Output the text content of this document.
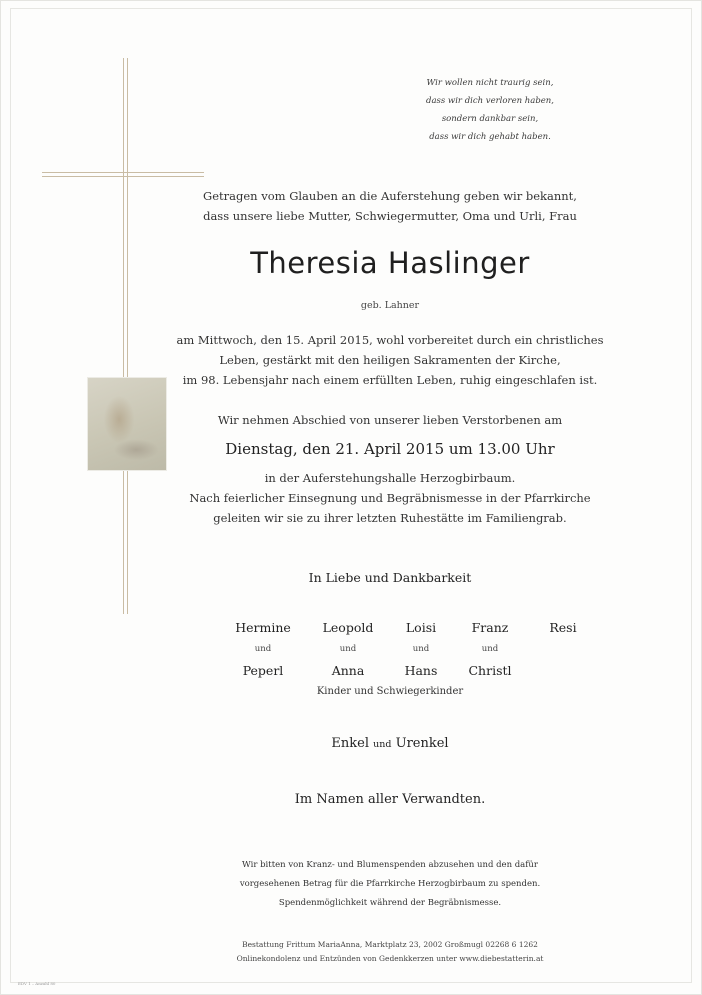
Wir wollen nicht traurig sein,
dass wir dich verloren haben,
sondern dankbar sein,
dass wir dich gehabt haben.
Getragen vom Glauben an die Auferstehung geben wir bekannt,
dass unsere liebe Mutter, Schwiegermutter, Oma und Urli, Frau
Theresia Haslinger
geb. Lahner
am Mittwoch, den 15. April 2015, wohl vorbereitet durch ein christliches
Leben, gestärkt mit den heiligen Sakramenten der Kirche,
im 98. Lebensjahr nach einem erfüllten Leben, ruhig eingeschlafen ist.
Wir nehmen Abschied von unserer lieben Verstorbenen am
Dienstag, den 21. April 2015 um 13.00 Uhr
in der Auferstehungshalle Herzogbirbaum.
Nach feierlicher Einsegnung und Begräbnismesse in der Pfarrkirche
geleiten wir sie zu ihrer letzten Ruhestätte im Familiengrab.
In Liebe und Dankbarkeit
Hermine
und
Peperl
Leopold
und
Anna
Loisi
und
Hans
Franz
und
Christl
Resi
Kinder und Schwiegerkinder
Enkel und Urenkel
Im Namen aller Verwandten.
Wir bitten von Kranz- und Blumenspenden abzusehen und den dafür
vorgesehenen Betrag für die Pfarrkirche Herzogbirbaum zu spenden.
Spendenmöglichkeit während der Begräbnismesse.
Bestattung Frittum MariaAnna, Marktplatz 23, 2002 Großmugl 02268 6 1262
Onlinekondolenz und Entzünden von Gedenkkerzen unter www.diebestatterin.at
EDV 1 – Anzahl 80
